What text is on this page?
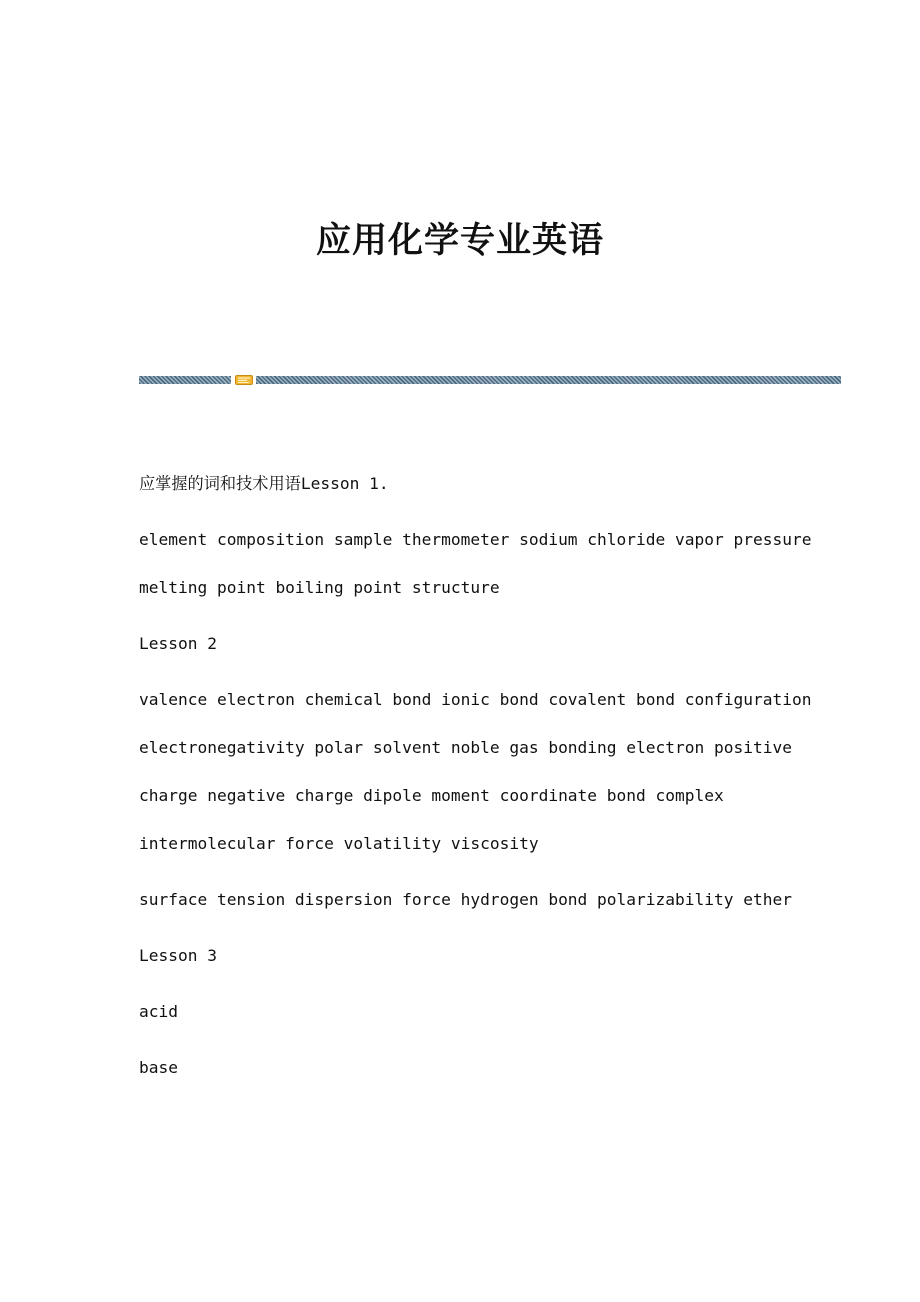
应用化学专业英语

应掌握的词和技术用语Lesson 1.

element composition sample thermometer sodium chloride vapor pressure

melting point boiling point structure

Lesson 2

valence electron chemical bond ionic bond covalent bond configuration

electronegativity polar solvent noble gas bonding electron positive

charge negative charge dipole moment coordinate bond complex

intermolecular force volatility viscosity

surface tension dispersion force hydrogen bond polarizability ether

Lesson 3

acid

base
